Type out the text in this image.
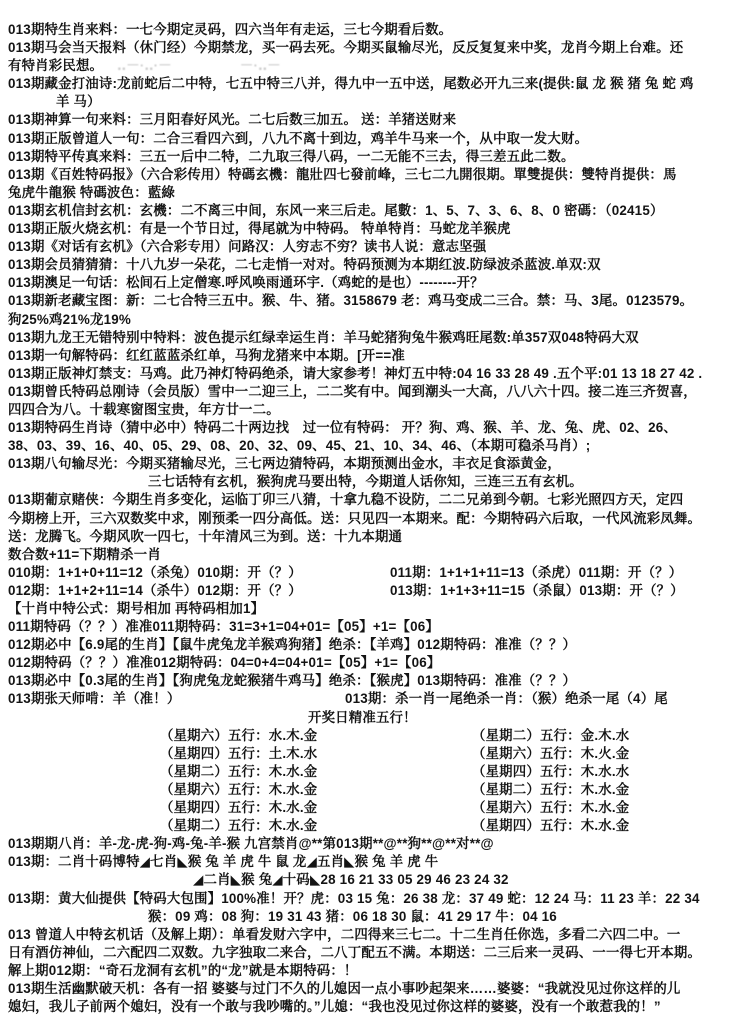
013期特生肖来料：一七今期定灵码，四六当年有走运，三七今期看后数。
013期马会当天报料（休门经）今期禁龙，买一码去死。今期买鼠输尽光，反反复复来中奖，龙肖今期上台难。还
有特肖彩民想。 ‥－·‥·－　　　　　－·‥－
013期藏金打油诗:龙前蛇后二中特，七五中特三八并，得九中一五中送，尾数必开九三来(提供:鼠 龙 猴 猪 兔 蛇 鸡
羊 马）
013期神算一句来料：三月阳春好风光。二七后数三加五。 送：羊猪送财来
013期正版曾道人一句：二合三看四六到，八九不离十到边，鸡羊牛马来一个，从中取一发大财。
013期特平传真来料：三五一后中二特，二九取三得八码，一二无能不三去，得三差五此二数。
013期《百姓特码报》（六合彩传用）特碼玄機：龍壯四七發前峰，三七二九開很期。單雙提供：雙特肖提供：馬
兔虎牛龍猴 特碼波色：藍綠
013期玄机信封玄机：玄機：二不离三中间，东风一来三后走。尾數：1、5、7、3、6、8、0 密碼：（02415）
013期正版火烧玄机：有是一个节日过，得尾就为中特码。 特单特肖：马蛇龙羊猴虎
013期《对话有玄机》（六合彩专用）问路汉：人穷志不穷？读书人说：意志坚强
013期会员猜猜猜：十八九岁一朵花，二七走悄一对对。特码预测为本期红波.防绿波杀蓝波.单双:双
013期澳足一句话：松间石上定僧寒.呼风唤雨通环宇.（鸡蛇的是也）--------开？
013期新老藏宝图：新：二七合特三五中。猴、牛、猪。3158679 老：鸡马变成二三合。禁：马、3尾。0123579。
狗25%鸡21%龙19%
013期九龙王无错特别中特料：波色提示红绿幸运生肖：羊马蛇猪狗兔牛猴鸡旺尾数:单357双048特码大双
013期一句解特码：红红蓝蓝杀红单，马狗龙猪来中本期。[开==准
013期正版神灯禁支：马鸡。此乃神灯特码绝杀，请大家参考！神灯五中特:04 16 33 28 49 .五个平:01 13 18 27 42 .
013期曾氏特码总刚诗（会员版）雪中一二迎三上，二二奖有中。闻到潮头一大高，八八六十四。接二连三齐贺喜，
四四合为八。十载寒窗图宝贵，年方廿一二。
013期特码生肖诗（猜中必中）特码二十两边找　过一位有特码： 开？狗、鸡、猴、羊、龙、兔、虎、02、26、
38、03、39、16、40、05、29、08、20、32、09、45、21、10、34、46、（本期可稳杀马肖）;
013期八句输尽光：今期买猪输尽光，三七两边猜特码，本期预测出金水，丰衣足食添黄金，
三七话特有玄机，猴狗虎马要出特，今期道人话你知，三连三五有玄机。
013期葡京赌侠：今期生肖多变化，运临丁卯三八猜，十拿九稳不设防，二二兄弟到今朝。七彩光照四方天，定四
今期榜上开，三六双数奖中求，刚预柔一四分高低。送：只见四一本期来。配：今期特码六后取，一代风流彩凤舞。
送：龙腾飞。今期风吹一四七，十年清风三为到。送：十九本期通
数合数+11=下期精杀一肖
010期：1+1+0+11=12（杀兔）010期：开（？）	011期：1+1+1+11=13（杀虎）011期：开（？）
012期：1+1+2+11=14（杀牛）012期：开（？）	013期：1+1+3+11=15（杀鼠）013期：开（？）
【十肖中特公式：期号相加 再特码相加1】
011期特码（？？）准准011期特码：31=3+1=04+01=【05】+1=【06】
012期必中【6.9尾的生肖】【鼠牛虎兔龙羊猴鸡狗猪】绝杀：【羊鸡】012期特码：准准（？？）
012期特码（？？）准准012期特码：04=0+4=04+01=【05】+1=【06】
013期必中【0.3尾的生肖】【狗虎兔龙蛇猴猪牛鸡马】绝杀：【猴虎】013期特码：准准（？？）
013期张天师啃：羊（准！）	013期：杀一肖一尾绝杀一肖：（猴）绝杀一尾（4）尾
开奖日精准五行！
（星期六）五行：水.木.金	（星期二）五行：金.木.水
（星期四）五行：土.木.水	（星期六）五行：木.火.金
（星期二）五行：木.水.金	（星期四）五行：木.水.水
（星期六）五行：木.水.金	（星期二）五行：木.水.金
（星期四）五行：木.水.金	（星期六）五行：木.水.金
（星期二）五行：木.水.金	（星期四）五行：木.水.金
013期期八肖：羊-龙-虎-狗-鸡-兔-羊-猴 九宫禁肖@**第013期**@**狗**@**对**@
013期：二肖十码博特◢七肖◣猴 兔 羊 虎 牛 鼠 龙◢五肖◣猴 兔 羊 虎 牛
◢二肖◣猴 兔◢十码◣28 16 21 33 05 29 46 23 24 32
013期：黄大仙提供【特码大包围】100%准！开？虎：03 15 兔：26 38 龙：37 49 蛇：12 24 马：11 23 羊：22 34
猴：09 鸡：08 狗：19 31 43 猪：06 18 30 鼠：41 29 17 牛：04 16
013 曾道人中特玄机话（及解上期）：单看发财六字中，二四得来三七二。十二生肖任你选，多看二六四二中。一
日有酒仿神仙，二六配四二双数。九字独取二来合，二八丁配五不满。本期送：二三后来一灵码、一一得七开本期。
解上期012期：“奇石龙洞有玄机”的“龙”就是本期特码：！
013期生活幽默破天机：各有一招 婆婆与过门不久的儿媳因一点小事吵起架来……婆婆：“我就没见过你这样的儿
媳妇，我儿子前两个媳妇，没有一个敢与我吵嘴的。”儿媳：“我也没见过你这样的婆婆，没有一个敢惹我的！”
